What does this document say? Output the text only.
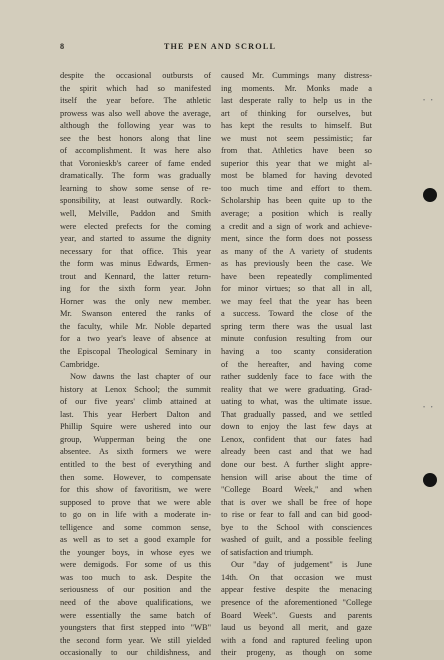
8	THE PEN AND SCROLL
despite the occasional outbursts of
the spirit which had so manifested
itself the year before. The athletic
prowess was also well above the average,
although the following year was to
see the best honors along that line
of accomplishment. It was here also
that Voronieskb's career of fame ended
dramatically. The form was gradually
learning to show some sense of re-
sponsibility, at least outwardly. Rock-
well, Melville, Paddon and Smith
were elected prefects for the coming
year, and started to assume the dignity
necessary for that office. This year
the form was minus Edwards, Ermen-
trout and Kennard, the latter return-
ing for the sixth form year. John
Horner was the only new member.
Mr. Swanson entered the ranks of
the faculty, while Mr. Noble departed
for a two year's leave of absence at
the Episcopal Theological Seminary in
Cambridge.
Now dawns the last chapter of our
history at Lenox School; the summit
of our five years' climb attained at
last. This year Herbert Dalton and
Phillip Squire were ushered into our
group, Wupperman being the one
absentee. As sixth formers we were
entitled to the best of everything and
then some. However, to compensate
for this show of favoritism, we were
supposed to prove that we were able
to go on in life with a moderate in-
telligence and some common sense,
as well as to set a good example for
the younger boys, in whose eyes we
were demigods. For some of us this
was too much to ask. Despite the
seriousness of our position and the
need of the above qualifications, we
were essentially the same batch of
youngsters that first stepped into "WB"
the second form year. We still yielded
occasionally to our childishness, and
caused Mr. Cummings many distress-
ing moments. Mr. Monks made a
last desperate rally to help us in the
art of thinking for ourselves, but
has kept the results to himself. But
we must not seem pessimistic; far
from that. Athletics have been so
superior this year that we might al-
most be blamed for having devoted
too much time and effort to them.
Scholarship has been quite up to the
average; a position which is really
a credit and a sign of work and achieve-
ment, since the form does not possess
as many of the A variety of students
as has previously been the case. We
have been repeatedly complimented
for minor virtues; so that all in all,
we may feel that the year has been
a success. Toward the close of the
spring term there was the usual last
minute confusion resulting from our
having a too scanty consideration
of the hereafter, and having come
rather suddenly face to face with the
reality that we were graduating. Grad-
uating to what, was the ultimate issue.
That gradually passed, and we settled
down to enjoy the last few days at
Lenox, confident that our fates had
already been cast and that we had
done our best. A further slight appre-
hension will arise about the time of
"College Board Week," and when
that is over we shall be free of hope
to rise or fear to fall and can bid good-
bye to the School with consciences
washed of guilt, and a possible feeling
of satisfaction and triumph.
Our "day of judgement" is June
14th. On that occasion we must
appear festive despite the menacing
presence of the aforementioned "College
Board Week". Guests and parents
laud us beyond all merit, and gaze
with a fond and raptured feeling upon
their progeny, as though on some
• •
• •
